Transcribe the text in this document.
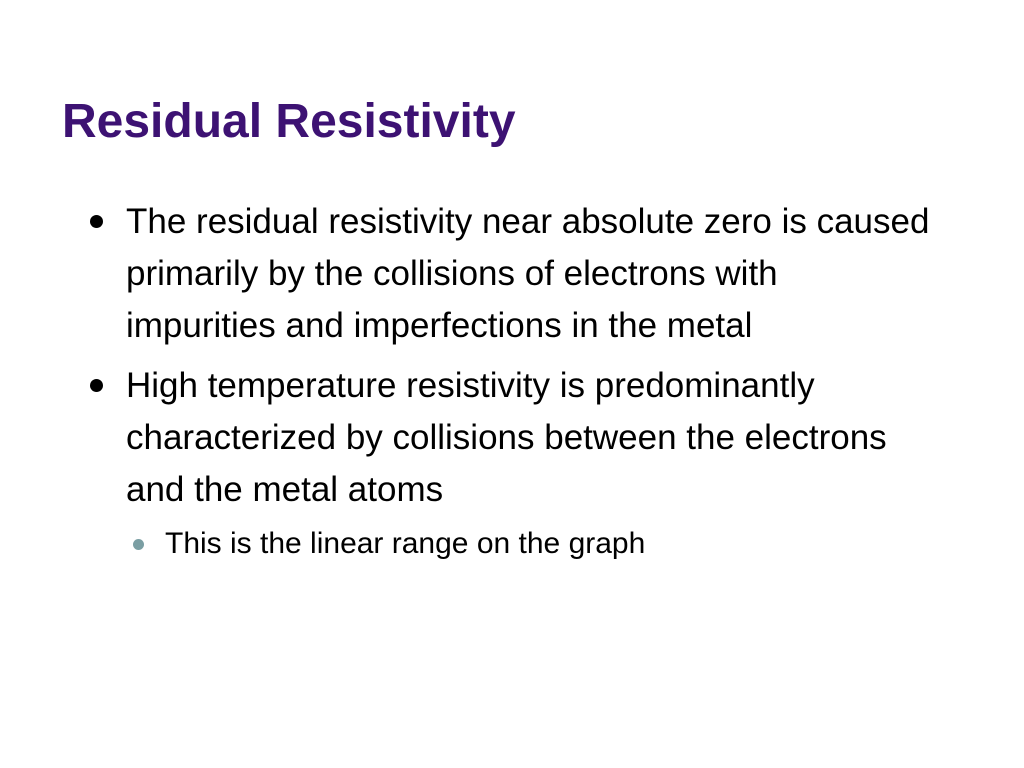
Residual Resistivity
The residual resistivity near absolute zero is caused primarily by the collisions of electrons with impurities and imperfections in the metal
High temperature resistivity is predominantly characterized by collisions between the electrons and the metal atoms
This is the linear range on the graph
